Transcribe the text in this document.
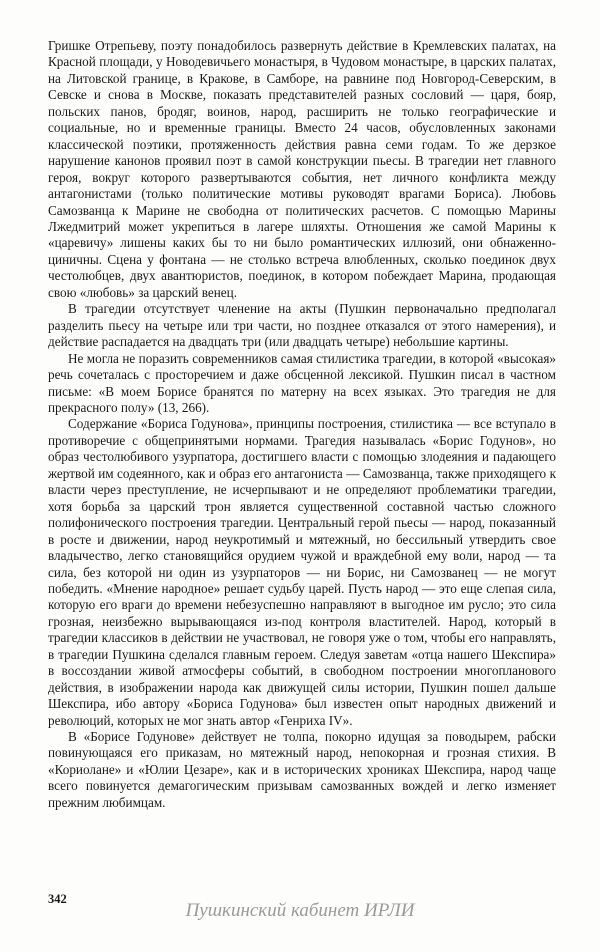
Гришке Отрепьеву, поэту понадобилось развернуть действие в Кремлевских палатах, на Красной площади, у Новодевичьего монастыря, в Чудовом монастыре, в царских палатах, на Литовской границе, в Кракове, в Самборе, на равнине под Новгород-Северским, в Севске и снова в Москве, показать представителей разных сословий — царя, бояр, польских панов, бродяг, воинов, народ, расширить не только географические и социальные, но и временные границы. Вместо 24 часов, обусловленных законами классической поэтики, протяженность действия равна семи годам. То же дерзкое нарушение канонов проявил поэт в самой конструкции пьесы. В трагедии нет главного героя, вокруг которого развертываются события, нет личного конфликта между антагонистами (только политические мотивы руководят врагами Бориса). Любовь Самозванца к Марине не свободна от политических расчетов. С помощью Марины Лжедмитрий может укрепиться в лагере шляхты. Отношения же самой Марины к «царевичу» лишены каких бы то ни было романтических иллюзий, они обнаженно-циничны. Сцена у фонтана — не столько встреча влюбленных, сколько поединок двух честолюбцев, двух авантюристов, поединок, в котором побеждает Марина, продающая свою «любовь» за царский венец.

В трагедии отсутствует членение на акты (Пушкин первоначально предполагал разделить пьесу на четыре или три части, но позднее отказался от этого намерения), и действие распадается на двадцать три (или двадцать четыре) небольшие картины.

Не могла не поразить современников самая стилистика трагедии, в которой «высокая» речь сочеталась с просторечием и даже обсценной лексикой. Пушкин писал в частном письме: «В моем Борисе бранятся по матерну на всех языках. Это трагедия не для прекрасного полу» (13, 266).

Содержание «Бориса Годунова», принципы построения, стилистика — все вступало в противоречие с общепринятыми нормами. Трагедия называлась «Борис Годунов», но образ честолюбивого узурпатора, достигшего власти с помощью злодеяния и падающего жертвой им содеянного, как и образ его антагониста — Самозванца, также приходящего к власти через преступление, не исчерпывают и не определяют проблематики трагедии, хотя борьба за царский трон является существенной составной частью сложного полифонического построения трагедии. Центральный герой пьесы — народ, показанный в росте и движении, народ неукротимый и мятежный, но бессильный утвердить свое владычество, легко становящийся орудием чужой и враждебной ему воли, народ — та сила, без которой ни один из узурпаторов — ни Борис, ни Самозванец — не могут победить. «Мнение народное» решает судьбу царей. Пусть народ — это еще слепая сила, которую его враги до времени небезуспешно направляют в выгодное им русло; это сила грозная, неизбежно вырывающаяся из-под контроля властителей. Народ, который в трагедии классиков в действии не участвовал, не говоря уже о том, чтобы его направлять, в трагедии Пушкина сделался главным героем. Следуя заветам «отца нашего Шекспира» в воссоздании живой атмосферы событий, в свободном построении многопланового действия, в изображении народа как движущей силы истории, Пушкин пошел дальше Шекспира, ибо автору «Бориса Годунова» был известен опыт народных движений и революций, которых не мог знать автор «Генриха IV».

В «Борисе Годунове» действует не толпа, покорно идущая за поводырем, рабски повинующаяся его приказам, но мятежный народ, непокорная и грозная стихия. В «Кориолане» и «Юлии Цезаре», как и в исторических хрониках Шекспира, народ чаще всего повинуется демагогическим призывам самозванных вождей и легко изменяет прежним любимцам.

342
Пушкинский кабинет ИРЛИ
